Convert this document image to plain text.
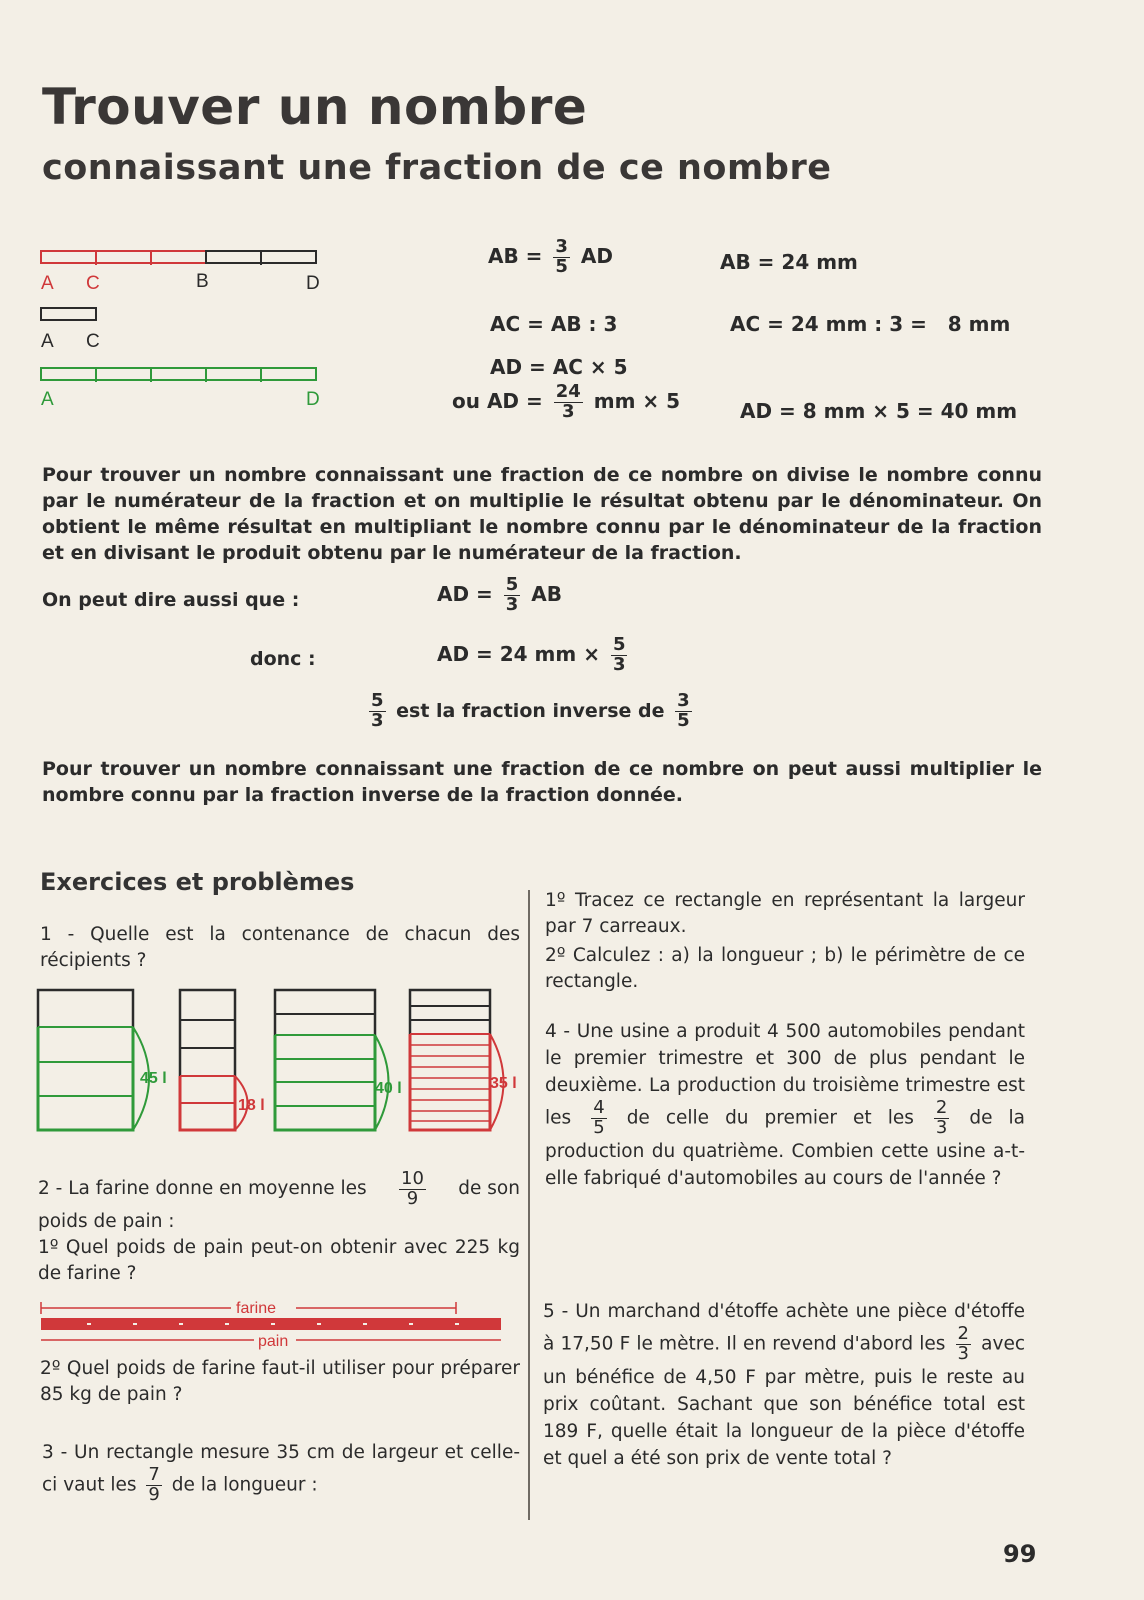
Trouver un nombre
connaissant une fraction de ce nombre
A C	B	D
A C
A	D
AB = $\frac{3}{5}$ AD	AB = 24 mm
AC = AB : 3	AC = 24 mm : 3 =   8 mm
AD = AC × 5
ou AD = $\frac{24}{3}$ mm × 5	AD = 8 mm × 5 = 40 mm
Pour trouver un nombre connaissant une fraction de ce nombre on divise le nombre connu par le numérateur de la fraction et on multiplie le résultat obtenu par le dénominateur. On obtient le même résultat en multipliant le nombre connu par le dénominateur de la fraction et en divisant le produit obtenu par le numérateur de la fraction.
On peut dire aussi que :	AD = $\frac{5}{3}$ AB
donc :	AD = 24 mm × $\frac{5}{3}$
$\frac{5}{3}$ est la fraction inverse de $\frac{3}{5}$
Pour trouver un nombre connaissant une fraction de ce nombre on peut aussi multiplier le nombre connu par la fraction inverse de la fraction donnée.
Exercices et problèmes
1 - Quelle est la contenance de chacun des récipients ?
45 l
18 l
40 l	35 l
2 - La farine donne en moyenne les $\frac{10}{9}$ de son
poids de pain :
1º Quel poids de pain peut-on obtenir avec 225 kg de farine ?
farine
pain
2º Quel poids de farine faut-il utiliser pour préparer 85 kg de pain ?
3 - Un rectangle mesure 35 cm de largeur et celle-ci vaut les $\frac{7}{9}$ de la longueur :
1º Tracez ce rectangle en représentant la largeur par 7 carreaux.
2º Calculez : a) la longueur ; b) le périmètre de ce rectangle.
4 - Une usine a produit 4 500 automobiles pendant le premier trimestre et 300 de plus pendant le deuxième. La production du troisième trimestre est les $\frac{4}{5}$ de celle du premier et les $\frac{2}{3}$ de la production du quatrième. Combien cette usine a-t-elle fabriqué d'automobiles au cours de l'année ?
5 - Un marchand d'étoffe achète une pièce d'étoffe à 17,50 F le mètre. Il en revend d'abord les $\frac{2}{3}$ avec un bénéfice de 4,50 F par mètre, puis le reste au prix coûtant. Sachant que son bénéfice total est 189 F, quelle était la longueur de la pièce d'étoffe et quel a été son prix de vente total ?
99
